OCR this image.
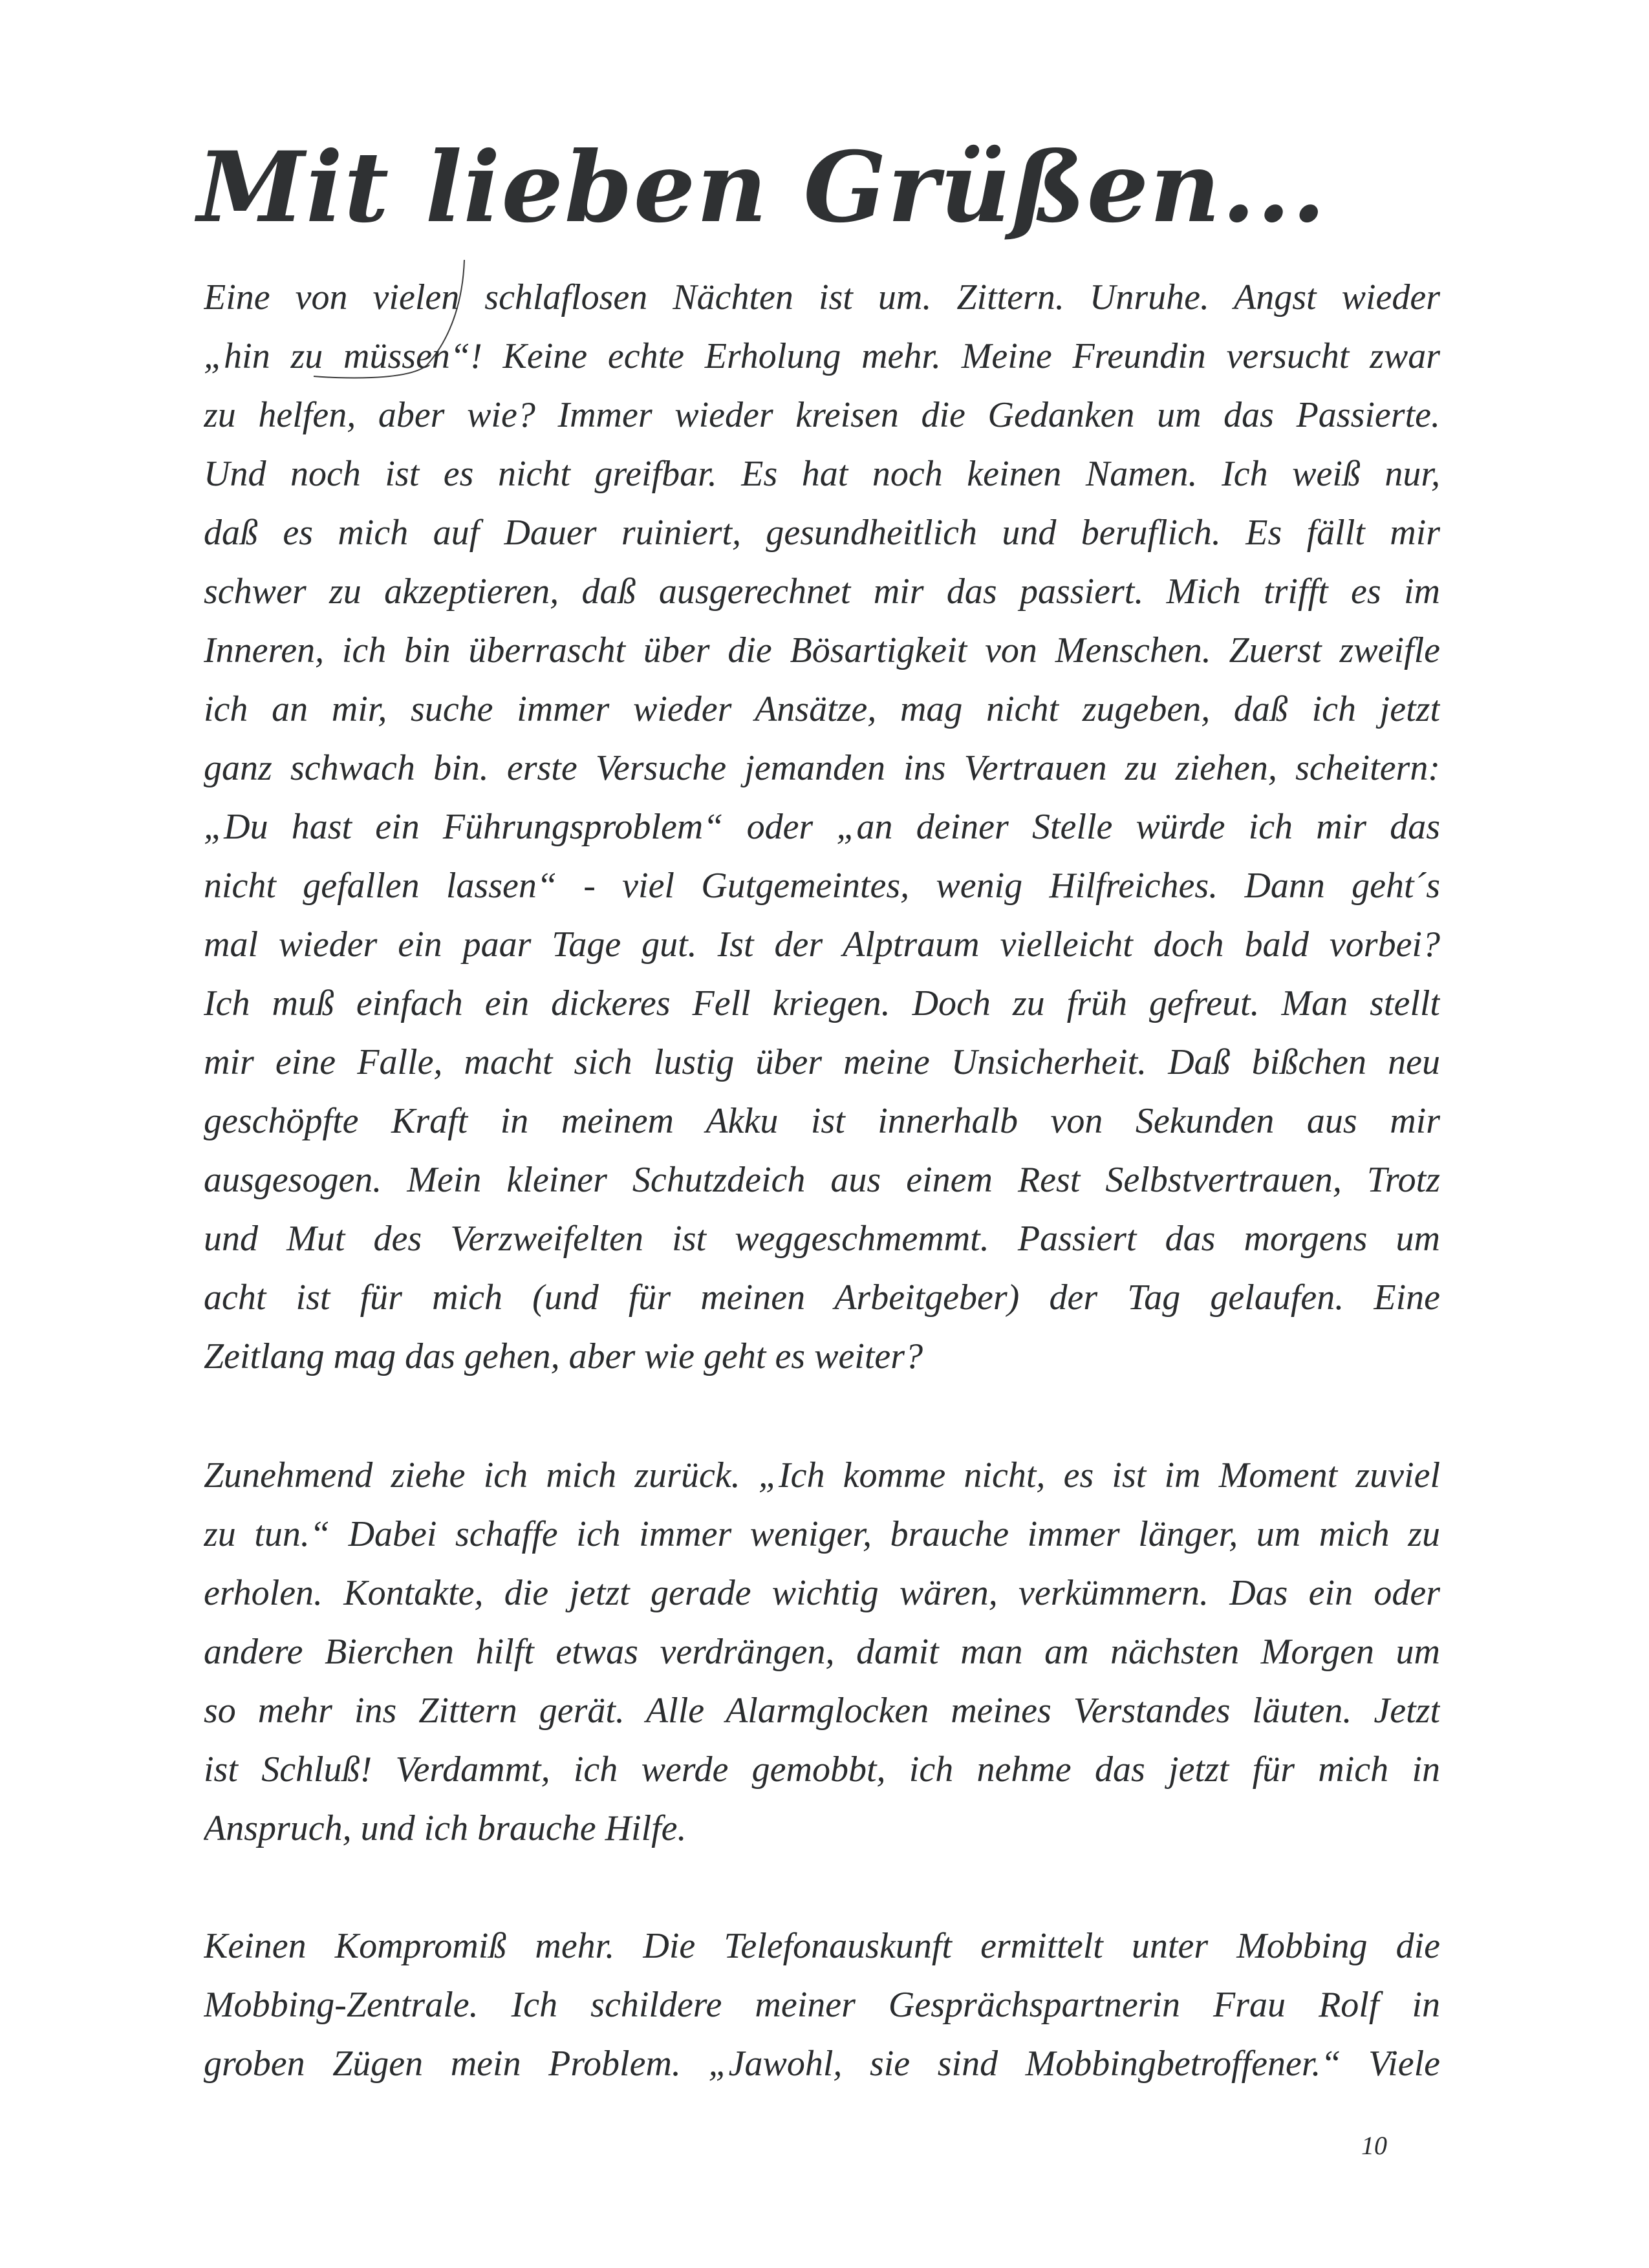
Mit lieben Grüßen...
Eine von vielen schlaflosen Nächten ist um. Zittern. Unruhe. Angst wieder
„hin zu müssen“! Keine echte Erholung mehr. Meine Freundin versucht zwar
zu helfen, aber wie? Immer wieder kreisen die Gedanken um das Passierte.
Und noch ist es nicht greifbar. Es hat noch keinen Namen. Ich weiß nur,
daß es mich auf Dauer ruiniert, gesundheitlich und beruflich. Es fällt mir
schwer zu akzeptieren, daß ausgerechnet mir das passiert. Mich trifft es im
Inneren, ich bin überrascht über die Bösartigkeit von Menschen. Zuerst zweifle
ich an mir, suche immer wieder Ansätze, mag nicht zugeben, daß ich jetzt
ganz schwach bin. erste Versuche jemanden ins Vertrauen zu ziehen, scheitern:
„Du hast ein Führungsproblem“ oder „an deiner Stelle würde ich mir das
nicht gefallen lassen“ - viel Gutgemeintes, wenig Hilfreiches. Dann geht´s
mal wieder ein paar Tage gut. Ist der Alptraum vielleicht doch bald vorbei?
Ich muß einfach ein dickeres Fell kriegen. Doch zu früh gefreut. Man stellt
mir eine Falle, macht sich lustig über meine Unsicherheit. Daß bißchen neu
geschöpfte Kraft in meinem Akku ist innerhalb von Sekunden aus mir
ausgesogen. Mein kleiner Schutzdeich aus einem Rest Selbstvertrauen, Trotz
und Mut des Verzweifelten ist weggeschmemmt. Passiert das morgens um
acht ist für mich (und für meinen Arbeitgeber) der Tag gelaufen. Eine
Zeitlang mag das gehen, aber wie geht es weiter?
Zunehmend ziehe ich mich zurück. „Ich komme nicht, es ist im Moment zuviel
zu tun.“ Dabei schaffe ich immer weniger, brauche immer länger, um mich zu
erholen. Kontakte, die jetzt gerade wichtig wären, verkümmern. Das ein oder
andere Bierchen hilft etwas verdrängen, damit man am nächsten Morgen um
so mehr ins Zittern gerät. Alle Alarmglocken meines Verstandes läuten. Jetzt
ist Schluß! Verdammt, ich werde gemobbt, ich nehme das jetzt für mich in
Anspruch, und ich brauche Hilfe.
Keinen Kompromiß mehr. Die Telefonauskunft ermittelt unter Mobbing die
Mobbing-Zentrale. Ich schildere meiner Gesprächspartnerin Frau Rolf in
groben Zügen mein Problem. „Jawohl, sie sind Mobbingbetroffener.“ Viele
10
